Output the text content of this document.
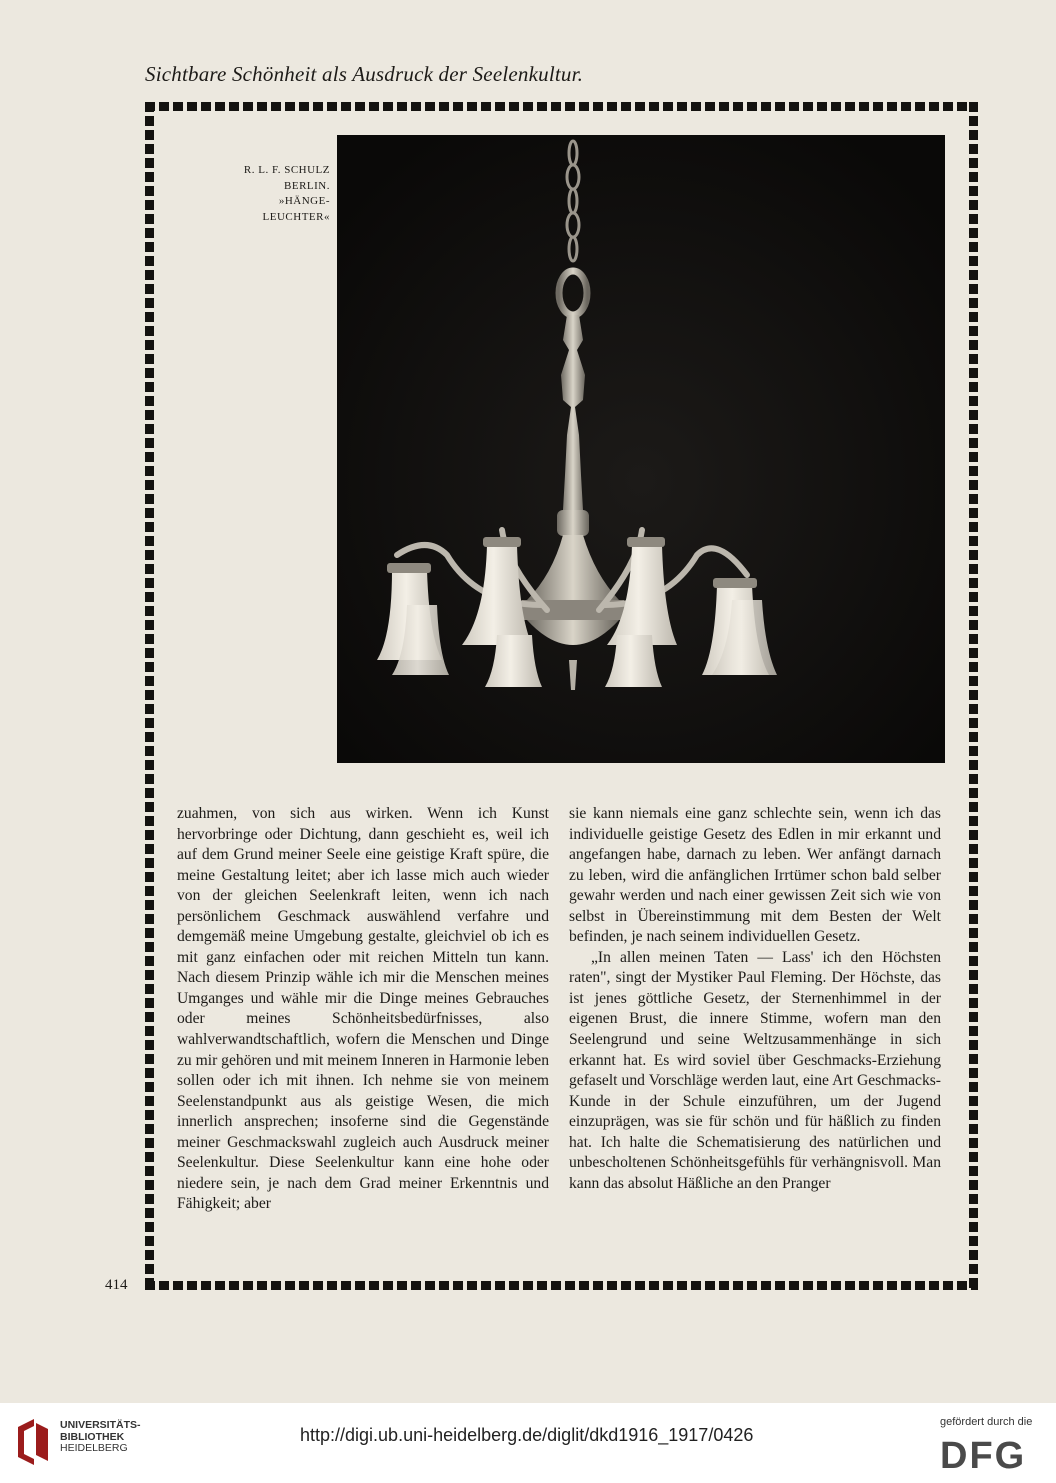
Sichtbare Schönheit als Ausdruck der Seelenkultur.
R. L. F. SCHULZ
BERLIN.
»HÄNGE-
LEUCHTER«

zuahmen, von sich aus wirken. Wenn ich Kunst hervorbringe oder Dichtung, dann geschieht es, weil ich auf dem Grund meiner Seele eine geistige Kraft spüre, die meine Gestaltung leitet; aber ich lasse mich auch wieder von der gleichen Seelenkraft leiten, wenn ich nach persönlichem Geschmack auswählend verfahre und demgemäß meine Umgebung gestalte, gleichviel ob ich es mit ganz einfachen oder mit reichen Mitteln tun kann. Nach diesem Prinzip wähle ich mir die Menschen meines Umganges und wähle mir die Dinge meines Gebrauches oder meines Schönheitsbedürfnisses, also wahlverwandtschaftlich, wofern die Menschen und Dinge zu mir gehören und mit meinem Inneren in Harmonie leben sollen oder ich mit ihnen. Ich nehme sie von meinem Seelenstandpunkt aus als geistige Wesen, die mich innerlich ansprechen; insoferne sind die Gegenstände meiner Geschmackswahl zugleich auch Ausdruck meiner Seelenkultur. Diese Seelenkultur kann eine hohe oder niedere sein, je nach dem Grad meiner Erkenntnis und Fähigkeit; aber

sie kann niemals eine ganz schlechte sein, wenn ich das individuelle geistige Gesetz des Edlen in mir erkannt und angefangen habe, darnach zu leben. Wer anfängt darnach zu leben, wird die anfänglichen Irrtümer schon bald selber gewahr werden und nach einer gewissen Zeit sich wie von selbst in Übereinstimmung mit dem Besten der Welt befinden, je nach seinem individuellen Gesetz.

„In allen meinen Taten — Lass' ich den Höchsten raten", singt der Mystiker Paul Fleming. Der Höchste, das ist jenes göttliche Gesetz, der Sternenhimmel in der eigenen Brust, die innere Stimme, wofern man den Seelengrund und seine Weltzusammenhänge in sich erkannt hat. Es wird soviel über Geschmacks-Erziehung gefaselt und Vorschläge werden laut, eine Art Geschmacks-Kunde in der Schule einzuführen, um der Jugend einzuprägen, was sie für schön und für häßlich zu finden hat. Ich halte die Schematisierung des natürlichen und unbescholtenen Schönheitsgefühls für verhängnisvoll. Man kann das absolut Häßliche an den Pranger

414
UNIVERSITÄTS-
BIBLIOTHEK
HEIDELBERG
http://digi.ub.uni-heidelberg.de/diglit/dkd1916_1917/0426
gefördert durch die
DFG
